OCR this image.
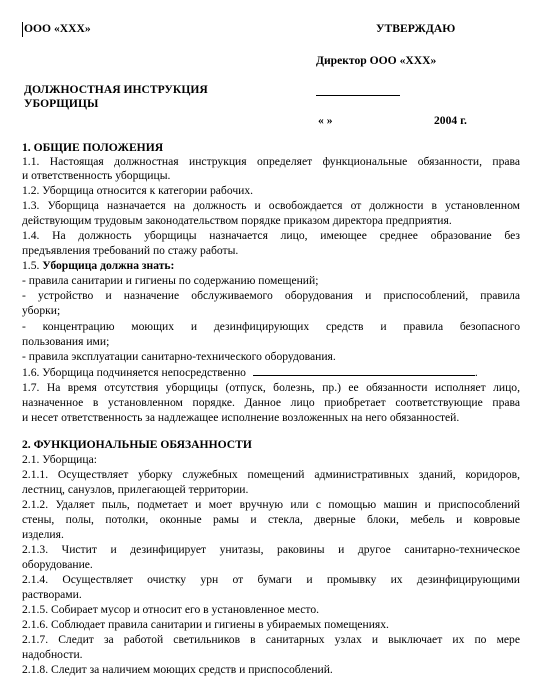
ООО «ХХХ»	УТВЕРЖДАЮ
Директор ООО «ХХХ»
ДОЛЖНОСТНАЯ ИНСТРУКЦИЯ
УБОРЩИЦЫ
« »	2004 г.
1. ОБЩИЕ ПОЛОЖЕНИЯ
1.1. Настоящая должностная инструкция определяет функциональные обязанности, права
и ответственность уборщицы.
1.2. Уборщица относится к категории рабочих.
1.3. Уборщица назначается на должность и освобождается от должности в установленном
действующим трудовым законодательством порядке приказом директора предприятия.
1.4. На должность уборщицы назначается лицо, имеющее среднее образование без
предъявления требований по стажу работы.
1.5. Уборщица должна знать:
- правила санитарии и гигиены по содержанию помещений;
- устройство и назначение обслуживаемого оборудования и приспособлений, правила
уборки;
- концентрацию моющих и дезинфицирующих средств и правила безопасного
пользования ими;
- правила эксплуатации санитарно-технического оборудования.
1.6. Уборщица подчиняется непосредственно	.
1.7. На время отсутствия уборщицы (отпуск, болезнь, пр.) ее обязанности исполняет лицо,
назначенное в установленном порядке. Данное лицо приобретает соответствующие права
и несет ответственность за надлежащее исполнение возложенных на него обязанностей.
2. ФУНКЦИОНАЛЬНЫЕ ОБЯЗАННОСТИ
2.1. Уборщица:
2.1.1. Осуществляет уборку служебных помещений административных зданий, коридоров,
лестниц, санузлов, прилегающей территории.
2.1.2. Удаляет пыль, подметает и моет вручную или с помощью машин и приспособлений
стены, полы, потолки, оконные рамы и стекла, дверные блоки, мебель и ковровые
изделия.
2.1.3. Чистит и дезинфицирует унитазы, раковины и другое санитарно-техническое
оборудование.
2.1.4. Осуществляет очистку урн от бумаги и промывку их дезинфицирующими
растворами.
2.1.5. Собирает мусор и относит его в установленное место.
2.1.6. Соблюдает правила санитарии и гигиены в убираемых помещениях.
2.1.7. Следит за работой светильников в санитарных узлах и выключает их по мере
надобности.
2.1.8. Следит за наличием моющих средств и приспособлений.
